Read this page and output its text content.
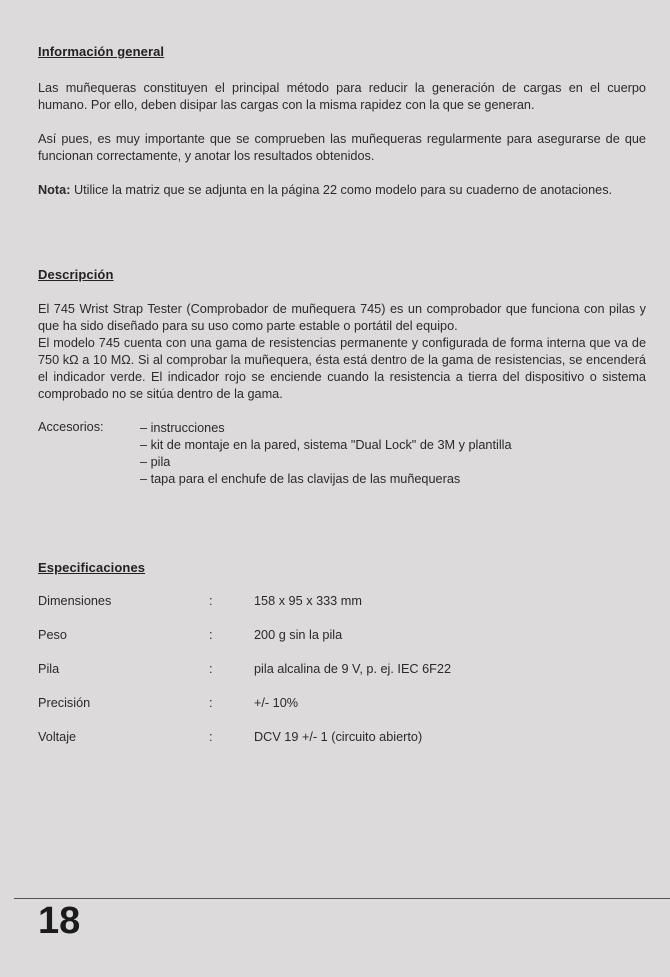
Información general
Las muñequeras constituyen el principal método para reducir la generación de cargas en el cuerpo humano. Por ello, deben disipar las cargas con la misma rapidez con la que se generan.
Así pues, es muy importante que se comprueben las muñequeras regularmente para asegurarse de que funcionan correctamente, y anotar los resultados obtenidos.
Nota: Utilice la matriz que se adjunta en la página 22 como modelo para su cuaderno de anotaciones.
Descripción
El 745 Wrist Strap Tester (Comprobador de muñequera 745) es un comprobador que funciona con pilas y que ha sido diseñado para su uso como parte estable o portátil del equipo.
El modelo 745 cuenta con una gama de resistencias permanente y configurada de forma interna que va de 750 kΩ a 10 MΩ. Si al comprobar la muñequera, ésta está dentro de la gama de resistencias, se encenderá el indicador verde. El indicador rojo se enciende cuando la resistencia a tierra del dispositivo o sistema comprobado no se sitúa dentro de la gama.
Accesorios:
–	instrucciones
– kit de montaje en la pared, sistema "Dual Lock" de 3M y plantilla
– pila
– tapa para el enchufe de las clavijas de las muñequeras
Especificaciones
Dimensiones	:	158 x 95 x 333 mm
Peso	:	200 g sin la pila
Pila	:	pila alcalina de 9 V, p. ej. IEC 6F22
Precisión	:	+/- 10%
Voltaje	:	DCV 19 +/- 1 (circuito abierto)
18
